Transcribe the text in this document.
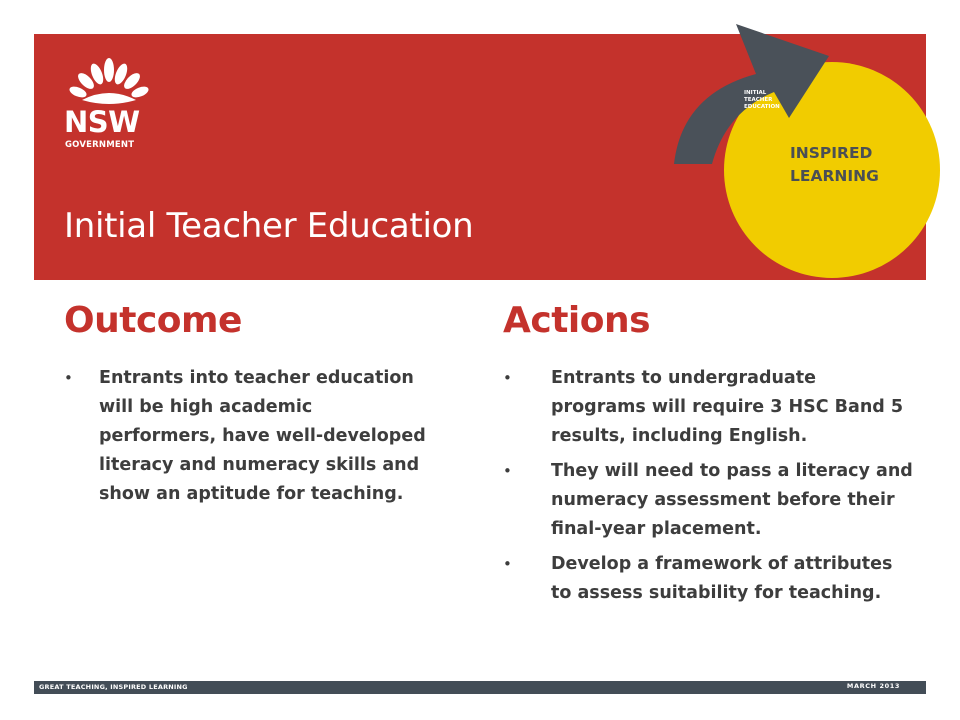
NSW
GOVERNMENT
Initial Teacher Education
INITIAL
TEACHER
EDUCATION
INSPIRED
LEARNING
Outcome
• Entrants into teacher education will be high academic performers, have well-developed literacy and numeracy skills and show an aptitude for teaching.
Actions
• Entrants to undergraduate programs will require 3 HSC Band 5 results, including English.
• They will need to pass a literacy and numeracy assessment before their final-year placement.
• Develop a framework of attributes to assess suitability for teaching.
GREAT TEACHING, INSPIRED LEARNING	MARCH 2013
